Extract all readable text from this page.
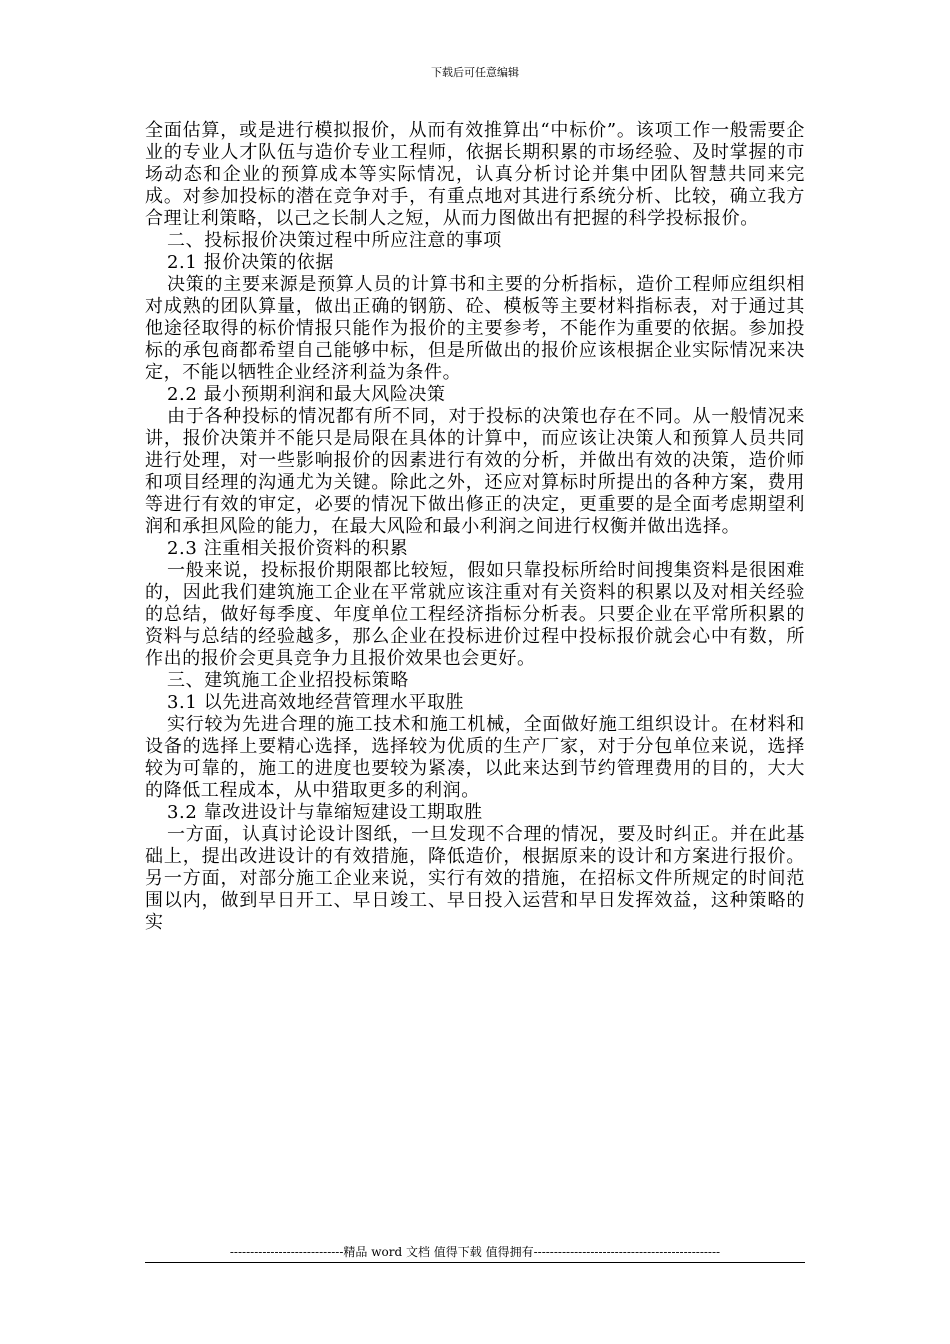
下载后可任意编辑

全面估算，或是进行模拟报价，从而有效推算出“中标价”。该项工作一般需要企业的专业人才队伍与造价专业工程师，依据长期积累的市场经验、及时掌握的市场动态和企业的预算成本等实际情况，认真分析讨论并集中团队智慧共同来完成。对参加投标的潜在竞争对手，有重点地对其进行系统分析、比较，确立我方合理让利策略，以己之长制人之短，从而力图做出有把握的科学投标报价。

二、投标报价决策过程中所应注意的事项

2.1 报价决策的依据

决策的主要来源是预算人员的计算书和主要的分析指标，造价工程师应组织相对成熟的团队算量，做出正确的钢筋、砼、模板等主要材料指标表，对于通过其他途径取得的标价情报只能作为报价的主要参考，不能作为重要的依据。参加投标的承包商都希望自己能够中标，但是所做出的报价应该根据企业实际情况来决定，不能以牺牲企业经济利益为条件。

2.2 最小预期利润和最大风险决策

由于各种投标的情况都有所不同，对于投标的决策也存在不同。从一般情况来讲，报价决策并不能只是局限在具体的计算中，而应该让决策人和预算人员共同进行处理，对一些影响报价的因素进行有效的分析，并做出有效的决策，造价师和项目经理的沟通尤为关键。除此之外，还应对算标时所提出的各种方案，费用等进行有效的审定，必要的情况下做出修正的决定，更重要的是全面考虑期望利润和承担风险的能力，在最大风险和最小利润之间进行权衡并做出选择。

2.3 注重相关报价资料的积累

一般来说，投标报价期限都比较短，假如只靠投标所给时间搜集资料是很困难的，因此我们建筑施工企业在平常就应该注重对有关资料的积累以及对相关经验的总结，做好每季度、年度单位工程经济指标分析表。只要企业在平常所积累的资料与总结的经验越多，那么企业在投标进价过程中投标报价就会心中有数，所作出的报价会更具竞争力且报价效果也会更好。

三、建筑施工企业招投标策略

3.1 以先进高效地经营管理水平取胜

实行较为先进合理的施工技术和施工机械，全面做好施工组织设计。在材料和设备的选择上要精心选择，选择较为优质的生产厂家，对于分包单位来说，选择较为可靠的，施工的进度也要较为紧凑，以此来达到节约管理费用的目的，大大的降低工程成本，从中猎取更多的利润。

3.2 靠改进设计与靠缩短建设工期取胜

一方面，认真讨论设计图纸，一旦发现不合理的情况，要及时纠正。并在此基础上，提出改进设计的有效措施，降低造价，根据原来的设计和方案进行报价。另一方面，对部分施工企业来说，实行有效的措施，在招标文件所规定的时间范围以内，做到早日开工、早日竣工、早日投入运营和早日发挥效益，这种策略的实

----------------------------精品 word 文档 值得下载 值得拥有----------------------------------------------
